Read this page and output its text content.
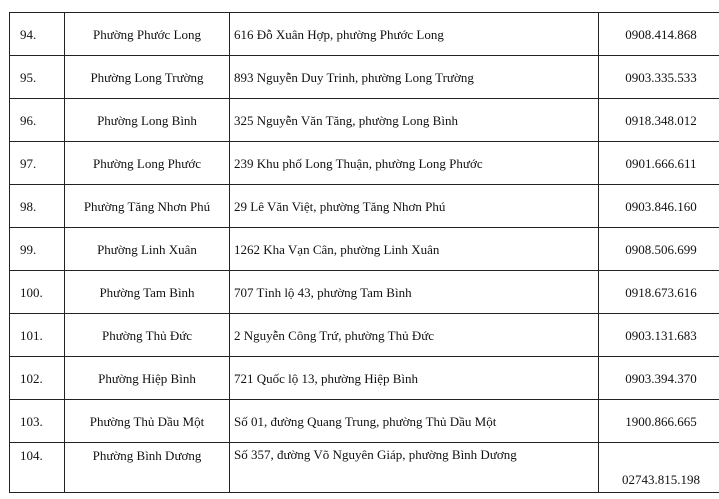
94.	Phường Phước Long	616 Đỗ Xuân Hợp, phường Phước Long	0908.414.868
95.	Phường Long Trường	893 Nguyễn Duy Trinh, phường Long Trường	0903.335.533
96.	Phường Long Bình	325 Nguyễn Văn Tăng, phường Long Bình	0918.348.012
97.	Phường Long Phước	239 Khu phố Long Thuận, phường Long Phước	0901.666.611
98.	Phường Tăng Nhơn Phú	29 Lê Văn Việt, phường Tăng Nhơn Phú	0903.846.160
99.	Phường Linh Xuân	1262 Kha Vạn Cân, phường Linh Xuân	0908.506.699
100.	Phường Tam Bình	707 Tỉnh lộ 43, phường Tam Bình	0918.673.616
101.	Phường Thủ Đức	2 Nguyễn Công Trứ, phường Thủ Đức	0903.131.683
102.	Phường Hiệp Bình	721 Quốc lộ 13, phường Hiệp Bình	0903.394.370
103.	Phường Thủ Dầu Một	Số 01, đường Quang Trung, phường Thủ Dầu Một	1900.866.665
104.	Phường Bình Dương	Số 357, đường Võ Nguyên Giáp, phường Bình Dương	02743.815.198
